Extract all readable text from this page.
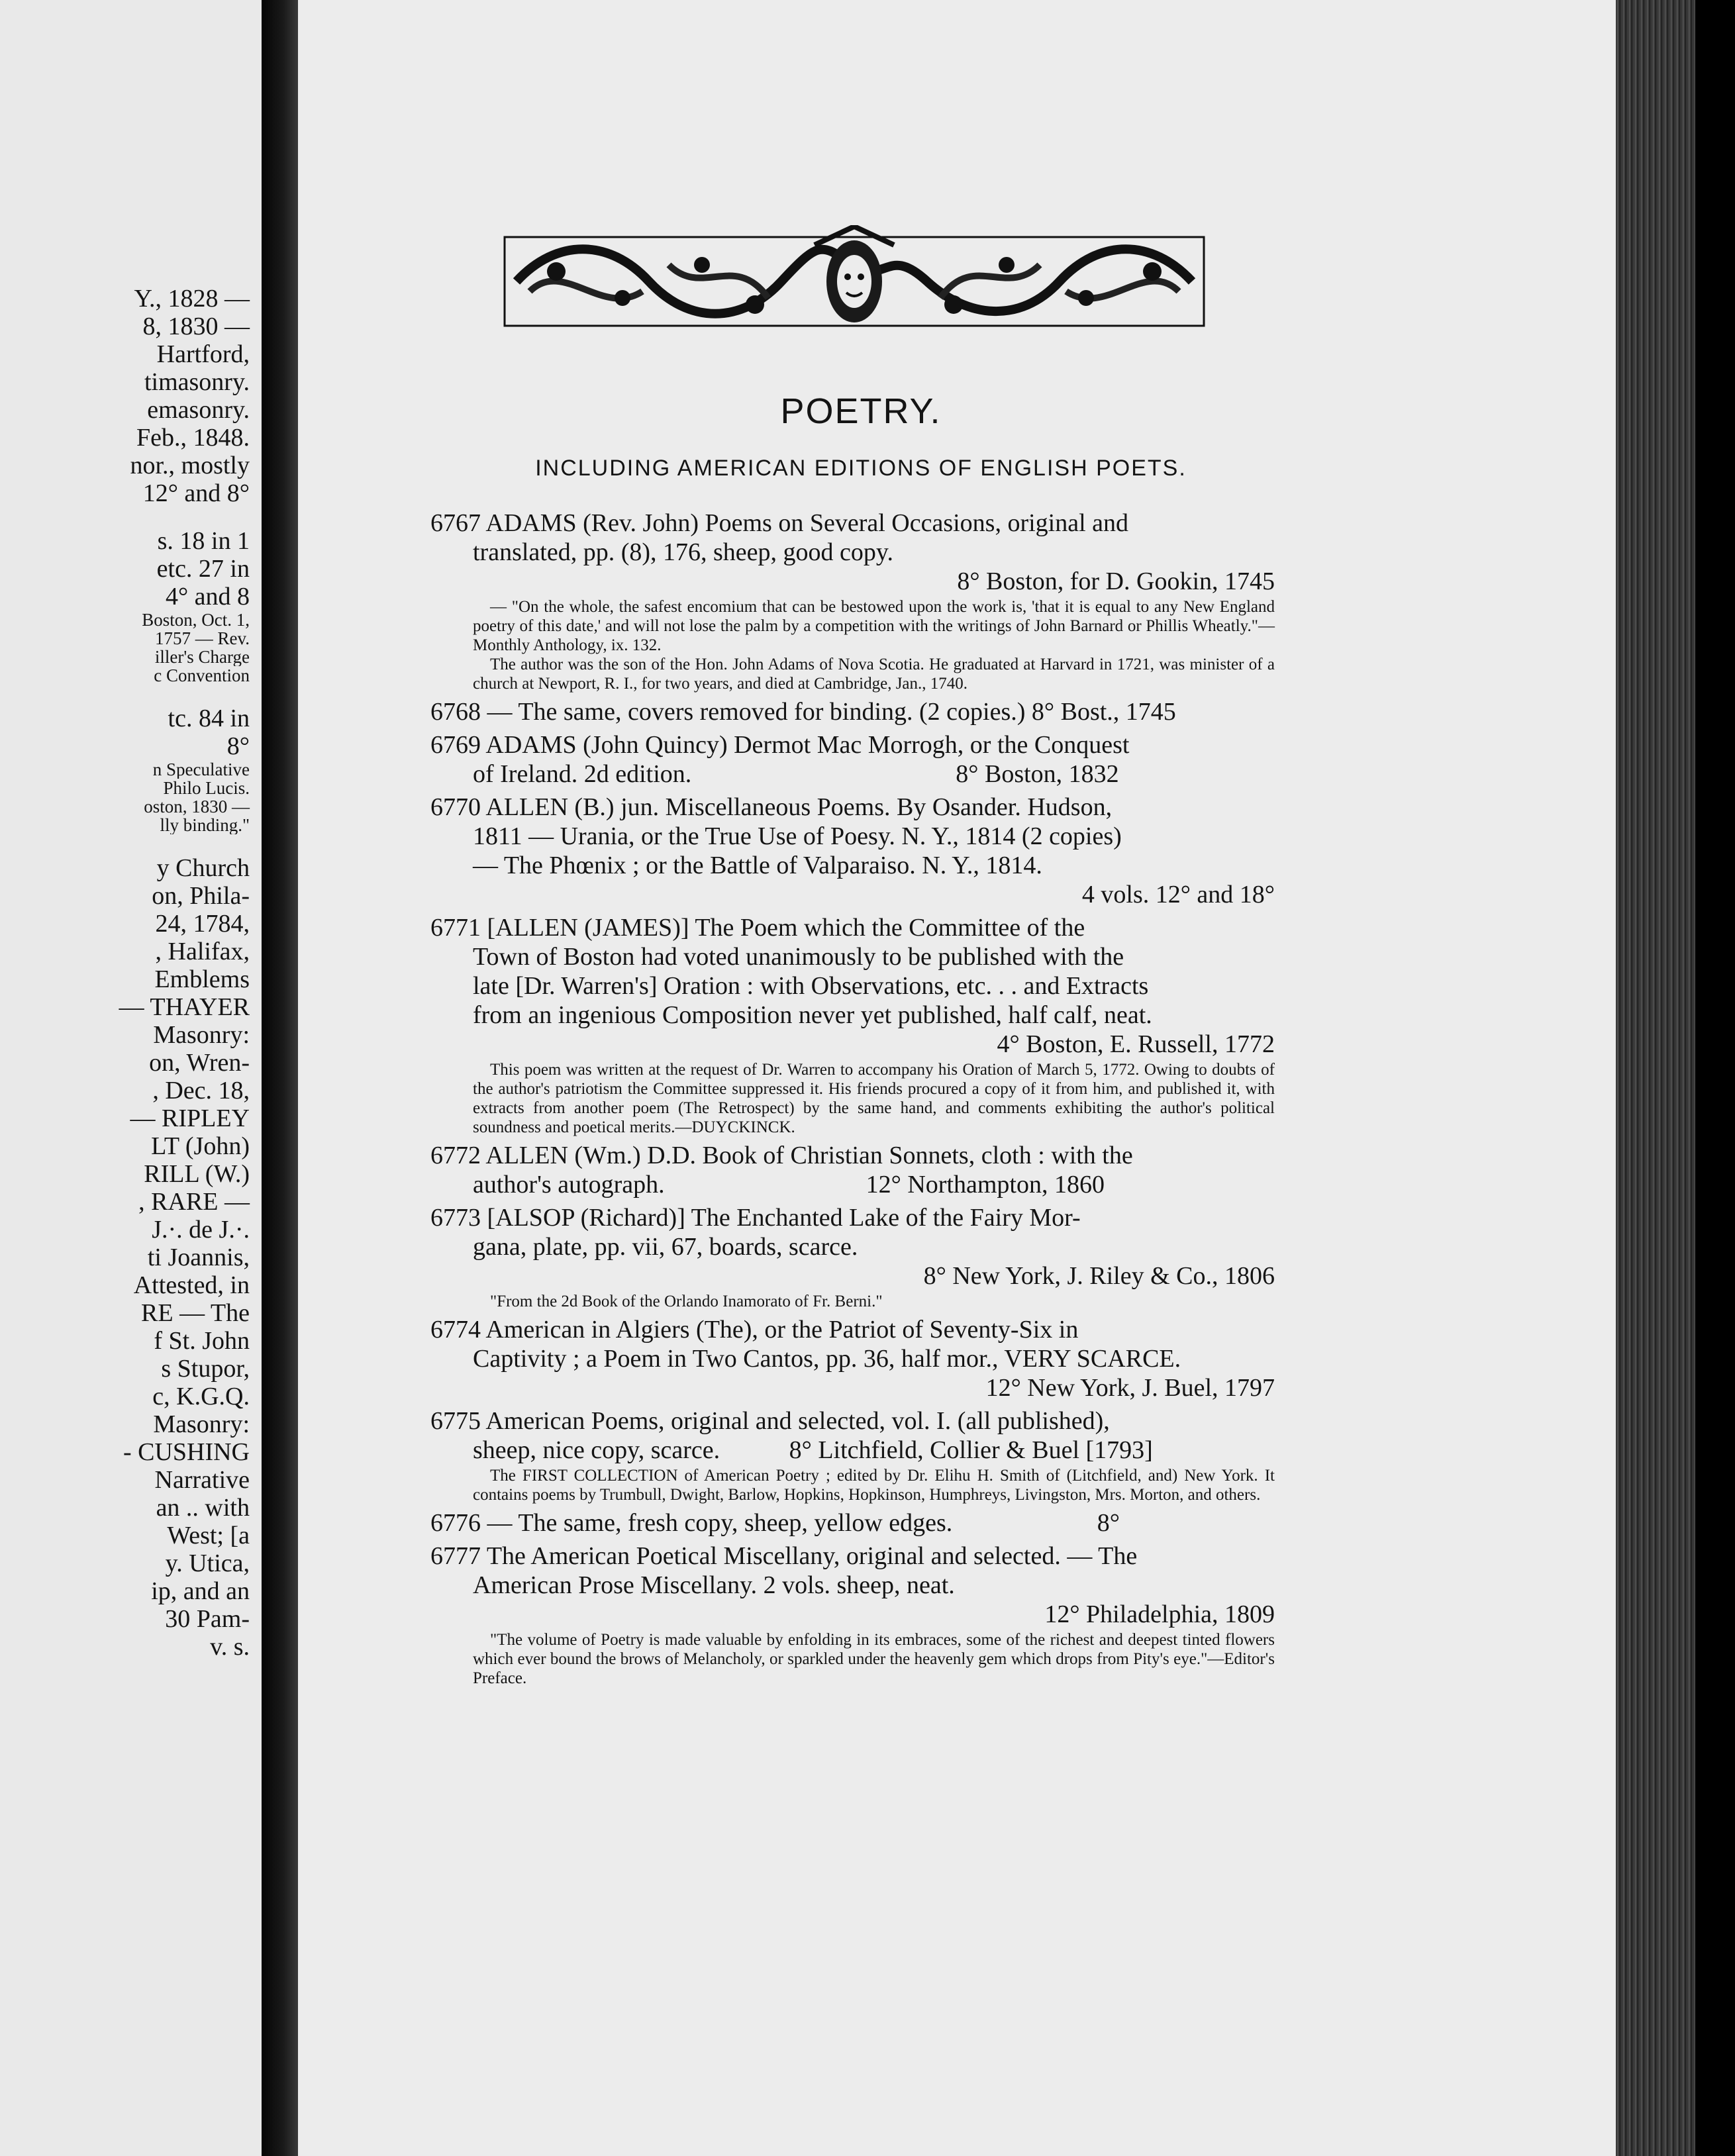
Y., 1828 —
8, 1830 —
Hartford,
timasonry.
emasonry.
Feb., 1848.
nor., mostly
12° and 8°
s. 18 in 1
etc. 27 in
4° and 8
Boston, Oct. 1,
1757 — Rev.
iller's Charge
c Convention
tc. 84 in
8°
n Speculative
Philo Lucis.
oston, 1830 —
lly binding."
y Church
on, Phila-
24, 1784,
, Halifax,
Emblems
— THAYER
Masonry:
on, Wren-
, Dec. 18,
— RIPLEY
LT (John)
RILL (W.)
, RARE —
J.·. de J.·.
ti Joannis,
Attested, in
RE — The
f St. John
s Stupor,
c, K.G.Q.
Masonry:
- CUSHING
Narrative
an .. with
West; [a
y. Utica,
ip, and an
30 Pam-
v. s.
POETRY.
INCLUDING AMERICAN EDITIONS OF ENGLISH POETS.
6767 ADAMS (Rev. John) Poems on Several Occasions, original and
translated, pp. (8), 176, sheep, good copy.
8° Boston, for D. Gookin, 1745

— "On the whole, the safest encomium that can be bestowed upon the work is, 'that it is equal to any New England poetry of this date,' and will not lose the palm by a competition with the writings of John Barnard or Phillis Wheatly."—Monthly Anthology, ix. 132.

The author was the son of the Hon. John Adams of Nova Scotia. He graduated at Harvard in 1721, was minister of a church at Newport, R. I., for two years, and died at Cambridge, Jan., 1740.

6768 — The same, covers removed for binding. (2 copies.) 8° Bost., 1745
6769 ADAMS (John Quincy) Dermot Mac Morrogh, or the Conquest
of Ireland. 2d edition.                                          8° Boston, 1832
6770 ALLEN (B.) jun. Miscellaneous Poems. By Osander. Hudson,
1811 — Urania, or the True Use of Poesy. N. Y., 1814 (2 copies)
— The Phœnix ; or the Battle of Valparaiso. N. Y., 1814.
4 vols. 12° and 18°
6771 [ALLEN (JAMES)] The Poem which the Committee of the
Town of Boston had voted unanimously to be published with the
late [Dr. Warren's] Oration : with Observations, etc. . . and Extracts
from an ingenious Composition never yet published, half calf, neat.
4° Boston, E. Russell, 1772

This poem was written at the request of Dr. Warren to accompany his Oration of March 5, 1772. Owing to doubts of the author's patriotism the Committee suppressed it. His friends procured a copy of it from him, and published it, with extracts from another poem (The Retrospect) by the same hand, and comments exhibiting the author's political soundness and poetical merits.—DUYCKINCK.

6772 ALLEN (Wm.) D.D. Book of Christian Sonnets, cloth : with the
author's autograph.                                12° Northampton, 1860
6773 [ALSOP (Richard)] The Enchanted Lake of the Fairy Mor-
gana, plate, pp. vii, 67, boards, scarce.
8° New York, J. Riley & Co., 1806

"From the 2d Book of the Orlando Inamorato of Fr. Berni."

6774 American in Algiers (The), or the Patriot of Seventy-Six in
Captivity ; a Poem in Two Cantos, pp. 36, half mor., VERY SCARCE.
12° New York, J. Buel, 1797
6775 American Poems, original and selected, vol. I. (all published),
sheep, nice copy, scarce.           8° Litchfield, Collier & Buel [1793]

The FIRST COLLECTION of American Poetry ; edited by Dr. Elihu H. Smith of (Litchfield, and) New York. It contains poems by Trumbull, Dwight, Barlow, Hopkins, Hopkinson, Humphreys, Livingston, Mrs. Morton, and others.

6776 — The same, fresh copy, sheep, yellow edges.                       8°
6777 The American Poetical Miscellany, original and selected. — The
American Prose Miscellany. 2 vols. sheep, neat.
12° Philadelphia, 1809

"The volume of Poetry is made valuable by enfolding in its embraces, some of the richest and deepest tinted flowers which ever bound the brows of Melancholy, or sparkled under the heavenly gem which drops from Pity's eye."—Editor's Preface.
